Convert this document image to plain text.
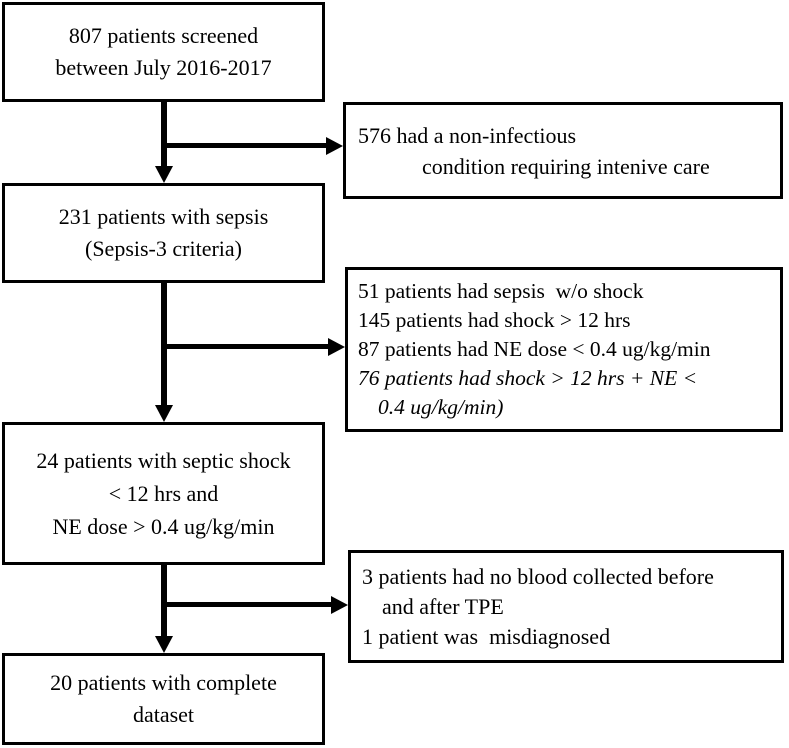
807 patients screened
between July 2016-2017
576 had a non-infectious
condition requiring intenive care
231 patients with sepsis
(Sepsis-3 criteria)
51 patients had sepsis  w/o shock
145 patients had shock > 12 hrs
87 patients had NE dose < 0.4 ug/kg/min
76 patients had shock > 12 hrs + NE <
0.4 ug/kg/min)
24 patients with septic shock
< 12 hrs and
NE dose > 0.4 ug/kg/min
3 patients had no blood collected before
and after TPE
1 patient was  misdiagnosed
20 patients with complete
dataset
